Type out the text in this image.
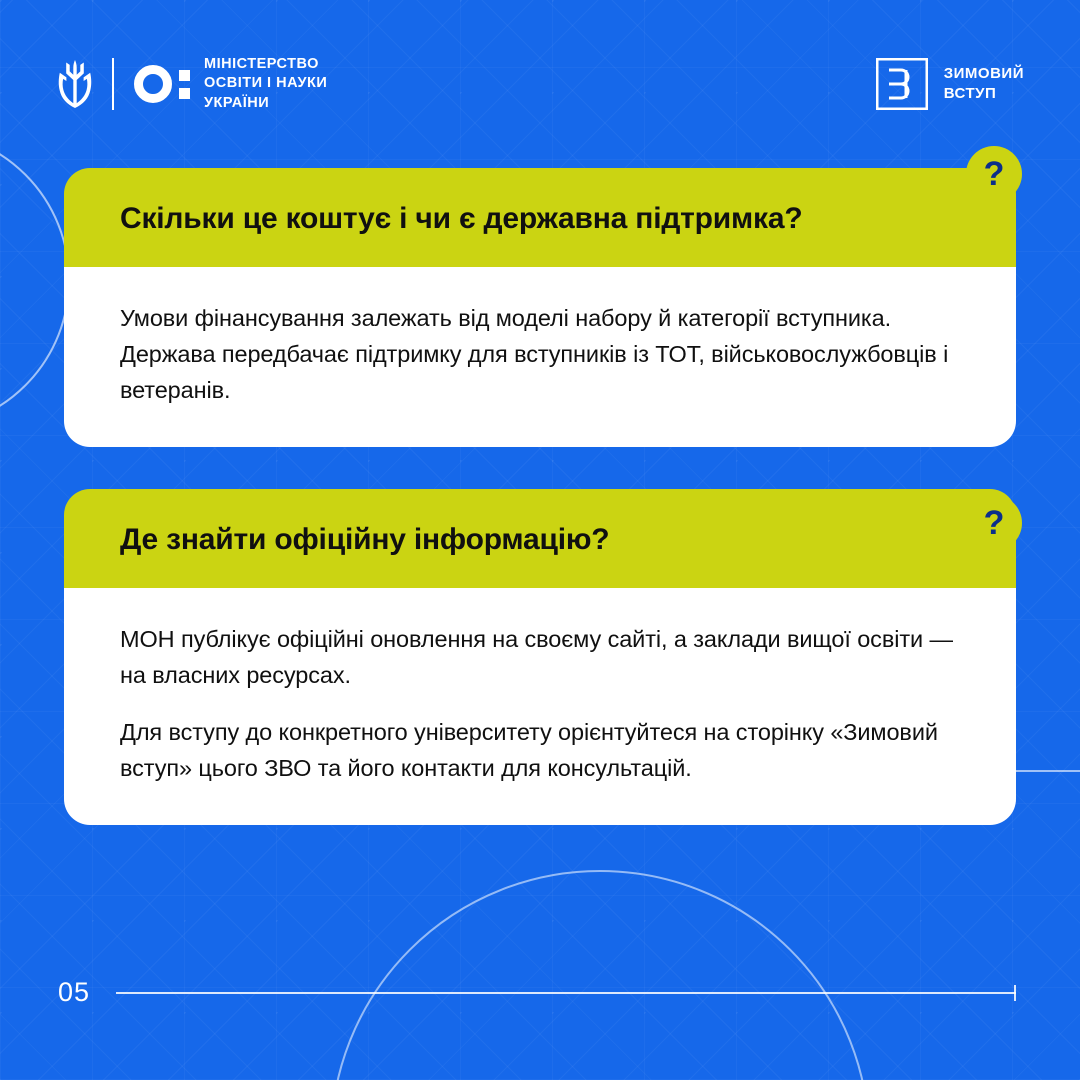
МІНІСТЕРСТВО
ОСВІТИ І НАУКИ
УКРАЇНИ
ЗИМОВИЙ
ВСТУП
?
Скільки це коштує і чи є державна підтримка?

Умови фінансування залежать від моделі набору й категорії вступника. Держава передбачає підтримку для вступників із ТОТ, військовослужбовців і ветеранів.

?
Де знайти офіційну інформацію?

МОН публікує офіційні оновлення на своєму сайті, а заклади вищої освіти — на власних ресурсах.

Для вступу до конкретного університету орієнтуйтеся на сторінку «Зимовий вступ» цього ЗВО та його контакти для консультацій.

05
